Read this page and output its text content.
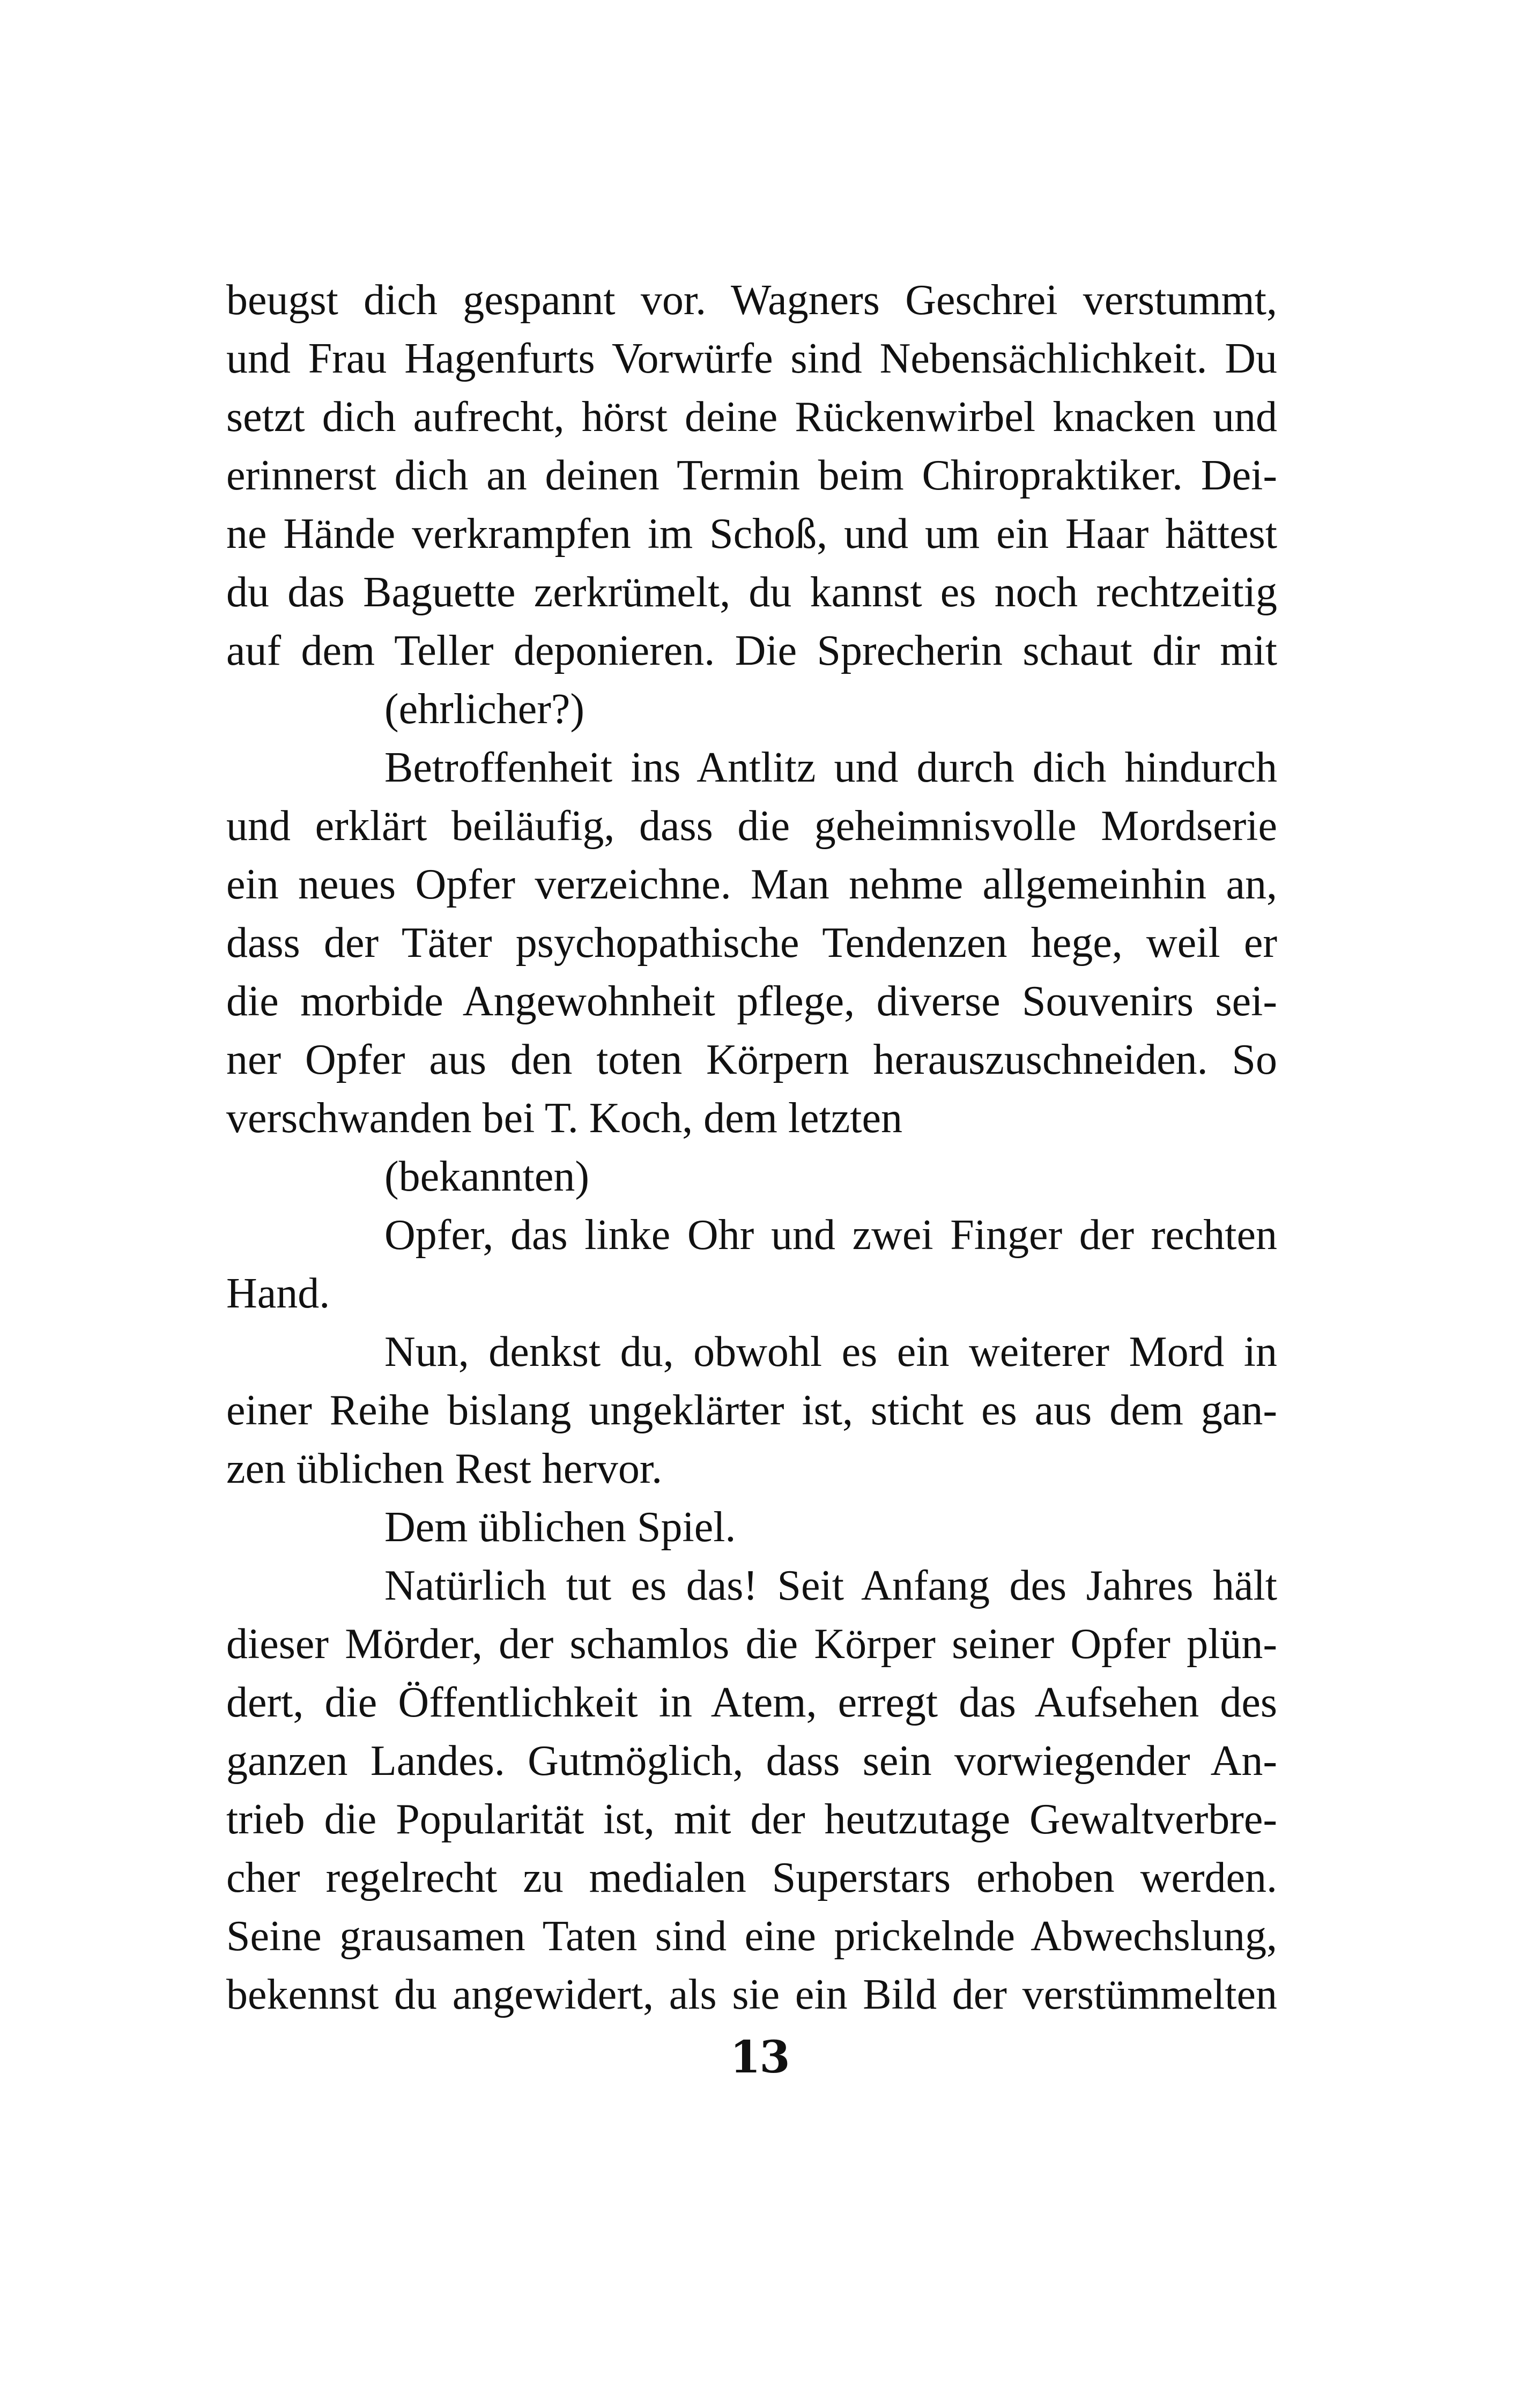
beugst dich gespannt vor. Wagners Geschrei verstummt,
und Frau Hagenfurts Vorwürfe sind Nebensächlichkeit. Du
setzt dich aufrecht, hörst deine Rückenwirbel knacken und
erinnerst dich an deinen Termin beim Chiropraktiker. Dei-
ne Hände verkrampfen im Schoß, und um ein Haar hättest
du das Baguette zerkrümelt, du kannst es noch rechtzeitig
auf dem Teller deponieren. Die Sprecherin schaut dir mit
(ehrlicher?)
Betroffenheit ins Antlitz und durch dich hindurch
und erklärt beiläufig, dass die geheimnisvolle Mordserie
ein neues Opfer verzeichne. Man nehme allgemeinhin an,
dass der Täter psychopathische Tendenzen hege, weil er
die morbide Angewohnheit pflege, diverse Souvenirs sei-
ner Opfer aus den toten Körpern herauszuschneiden. So
verschwanden bei T. Koch, dem letzten
(bekannten)
Opfer, das linke Ohr und zwei Finger der rechten
Hand.
Nun, denkst du, obwohl es ein weiterer Mord in
einer Reihe bislang ungeklärter ist, sticht es aus dem gan-
zen üblichen Rest hervor.
Dem üblichen Spiel.
Natürlich tut es das! Seit Anfang des Jahres hält
dieser Mörder, der schamlos die Körper seiner Opfer plün-
dert, die Öffentlichkeit in Atem, erregt das Aufsehen des
ganzen Landes. Gutmöglich, dass sein vorwiegender An-
trieb die Popularität ist, mit der heutzutage Gewaltverbre-
cher regelrecht zu medialen Superstars erhoben werden.
Seine grausamen Taten sind eine prickelnde Abwechslung,
bekennst du angewidert, als sie ein Bild der verstümmelten
13
